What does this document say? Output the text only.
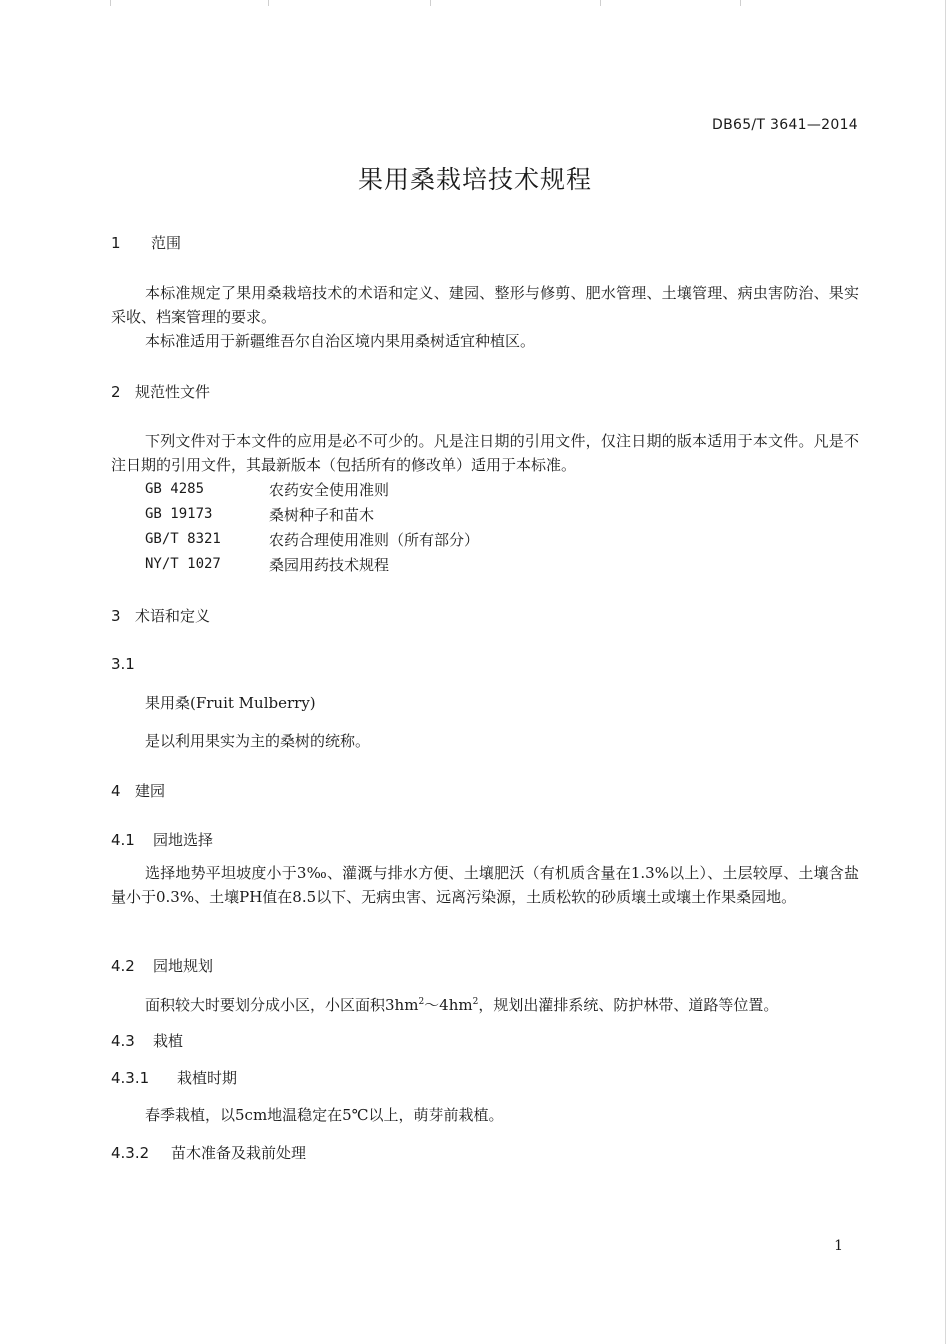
DB65/T 3641—2014
果用桑栽培技术规程
1 范围

本标准规定了果用桑栽培技术的术语和定义、建园、整形与修剪、肥水管理、土壤管理、病虫害防治、果实采收、档案管理的要求。

本标准适用于新疆维吾尔自治区境内果用桑树适宜种植区。

2 规范性文件

下列文件对于本文件的应用是必不可少的。凡是注日期的引用文件，仅注日期的版本适用于本文件。凡是不注日期的引用文件，其最新版本（包括所有的修改单）适用于本标准。

GB 4285	农药安全使用准则
GB 19173	桑树种子和苗木
GB/T 8321	农药合理使用准则（所有部分）
NY/T 1027	桑园用药技术规程
3 术语和定义
3.1
果用桑(Fruit Mulberry)
是以利用果实为主的桑树的统称。
4 建园
4.1 园地选择

选择地势平坦坡度小于3‰、灌溉与排水方便、土壤肥沃（有机质含量在1.3%以上）、土层较厚、土壤含盐量小于0.3%、土壤PH值在8.5以下、无病虫害、远离污染源，土质松软的砂质壤土或壤土作果桑园地。

4.2 园地规划
面积较大时要划分成小区，小区面积$3hm^2\sim 4hm^2$，规划出灌排系统、防护林带、道路等位置。
4.3 栽植
4.3.1 栽植时期
春季栽植，以5cm地温稳定在5℃以上，萌芽前栽植。
4.3.2 苗木准备及栽前处理
1
